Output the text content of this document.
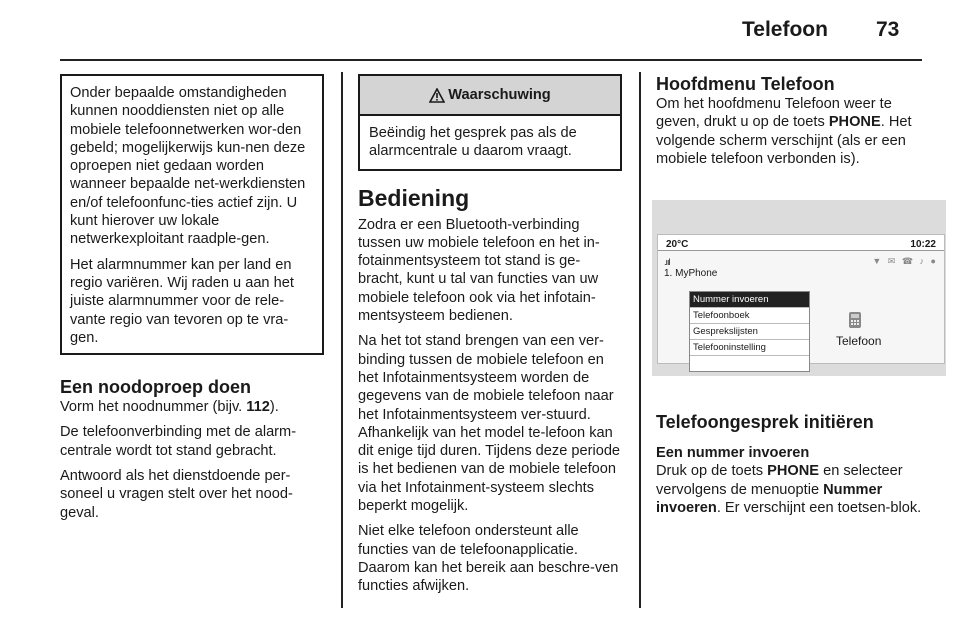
Telefoon 73

Onder bepaalde omstandigheden kunnen nooddiensten niet op alle mobiele telefoonnetwerken wor-den gebeld; mogelijkerwijs kun-nen deze oproepen niet gedaan worden wanneer bepaalde net-werkdiensten en/of telefoonfunc-ties actief zijn. U kunt hierover uw lokale netwerkexploitant raadple-gen.

Het alarmnummer kan per land en regio variëren. Wij raden u aan het juiste alarmnummer voor de rele-vante regio van tevoren op te vra-gen.

Een noodoproep doen

Vorm het noodnummer (bijv. 112).

De telefoonverbinding met de alarm-centrale wordt tot stand gebracht.

Antwoord als het dienstdoende per-soneel u vragen stelt over het nood-geval.

Waarschuwing
Beëindig het gesprek pas als de alarmcentrale u daarom vraagt.
Bediening

Zodra er een Bluetooth-verbinding tussen uw mobiele telefoon en het in-fotainmentsysteem tot stand is ge-bracht, kunt u tal van functies van uw mobiele telefoon ook via het infotain-mentsysteem bedienen.

Na het tot stand brengen van een ver-binding tussen de mobiele telefoon en het Infotainmentsysteem worden de gegevens van de mobiele telefoon naar het Infotainmentsysteem ver-stuurd. Afhankelijk van het model te-lefoon kan dit enige tijd duren. Tijdens deze periode is het bedienen van de mobiele telefoon via het Infotainment-systeem slechts beperkt mogelijk.

Niet elke telefoon ondersteunt alle functies van de telefoonapplicatie. Daarom kan het bereik aan beschre-ven functies afwijken.

Hoofdmenu Telefoon

Om het hoofdmenu Telefoon weer te geven, drukt u op de toets PHONE. Het volgende scherm verschijnt (als er een mobiele telefoon verbonden is).

20°C	10:22
.ııl	▼ ✉ ☎ ♪ ●
1. MyPhone
Nummer invoeren
Telefoonboek
Gesprekslijsten
Telefooninstelling	Telefoon
Telefoongesprek initiëren
Een nummer invoeren

Druk op de toets PHONE en selecteer vervolgens de menuoptie Nummer invoeren. Er verschijnt een toetsen-blok.
